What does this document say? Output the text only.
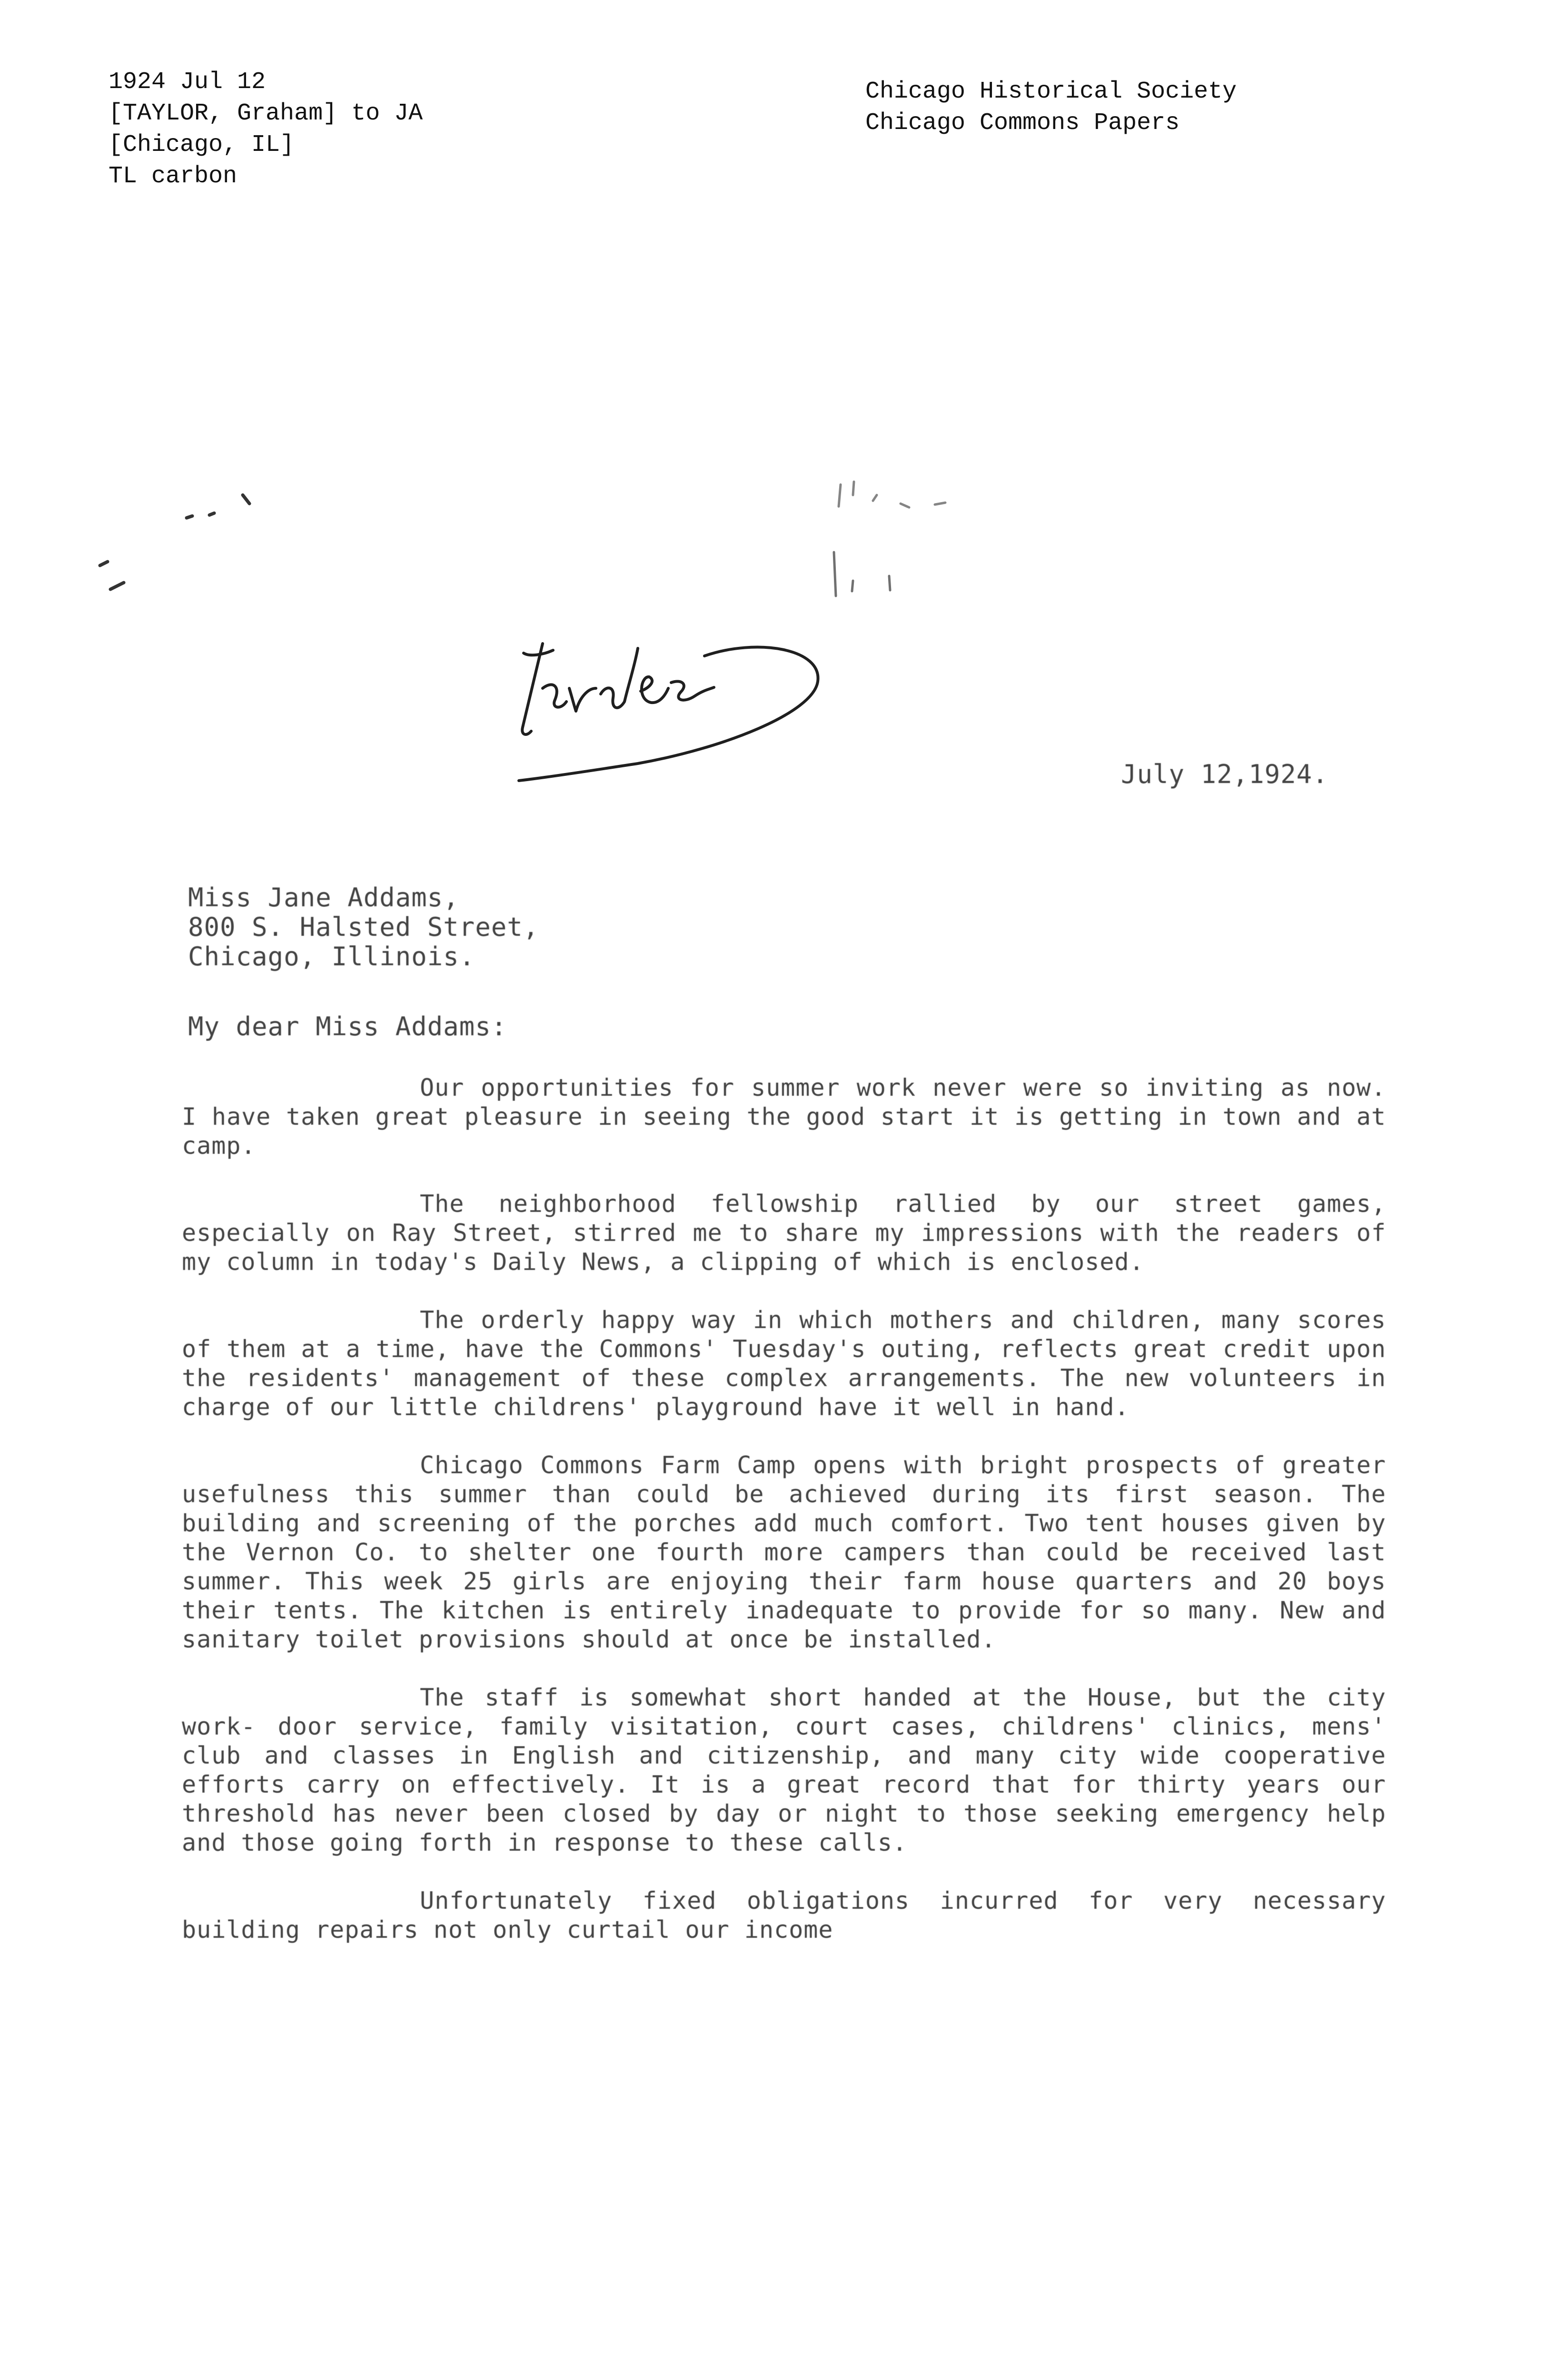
1924 Jul 12
[TAYLOR, Graham] to JA
[Chicago, IL]
TL carbon
Chicago Historical Society
Chicago Commons Papers
July 12,1924.
Miss Jane Addams,
800 S. Halsted Street,
Chicago, Illinois.
My dear Miss Addams:

Our opportunities for summer work never were so inviting as now. I have taken great pleasure in seeing the good start it is getting in town and at camp.

The neighborhood fellowship rallied by our street games, especially on Ray Street, stirred me to share my impressions with the readers of my column in today's Daily News, a clipping of which is enclosed.

The orderly happy way in which mothers and children, many scores of them at a time, have the Commons' Tuesday's outing, reflects great credit upon the residents' management of these complex arrangements. The new volunteers in charge of our little childrens' playground have it well in hand.

Chicago Commons Farm Camp opens with bright prospects of greater usefulness this summer than could be achieved during its first season. The building and screening of the porches add much comfort. Two tent houses given by the Vernon Co. to shelter one fourth more campers than could be received last summer. This week 25 girls are enjoying their farm house quarters and 20 boys their tents. The kitchen is entirely inadequate to provide for so many. New and sanitary toilet provisions should at once be installed.

The staff is somewhat short handed at the House, but the city work- door service, family visitation, court cases, childrens' clinics, mens' club and classes in English and citizenship, and many city wide cooperative efforts carry on effectively. It is a great record that for thirty years our threshold has never been closed by day or night to those seeking emergency help and those going forth in response to these calls.

Unfortunately fixed obligations incurred for very necessary building repairs not only curtail our income
